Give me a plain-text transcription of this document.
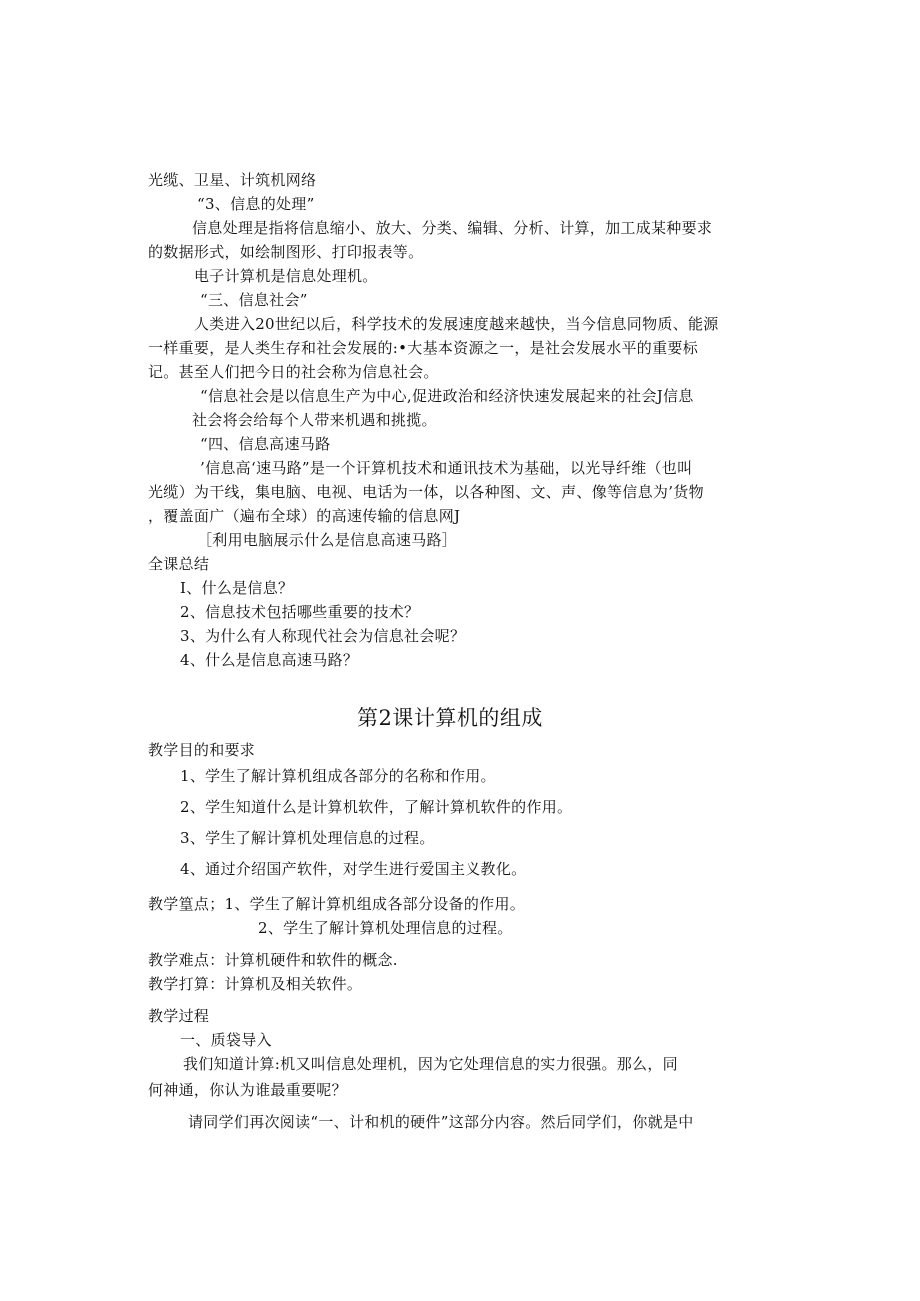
光缆、卫星、计筑机网络
“3、信息的处理”
信息处理是指将信息缩小、放大、分类、编辑、分析、计算，加工成某种要求
的数据形式，如绘制图形、打印报表等。
电子计算机是信息处理机。
“三、信息社会”
人类进入20世纪以后，科学技术的发展速度越来越快，当今信息同物质、能源
一样重要，是人类生存和社会发展的:•大基本资源之一，是社会发展水平的重要标
记。甚至人们把今日的社会称为信息社会。
“信息社会是以信息生产为中心,促进政治和经济快速发展起来的社会J信息
社会将会给每个人带来机遇和挑揽。
“四、信息高速马路
’信息高‘速马路”是一个讦算机技术和通讯技术为基础，以光导纤维（也叫
光缆）为干线，集电脑、电视、电话为一体，以各种图、文、声、像等信息为’货物
，覆盖面广（遍布全球）的高速传输的信息网J
［利用电脑展示什么是信息高速马路］
全课总结
I、什么是信息？
2、信息技术包括哪些重要的技术？
3、为什么有人称现代社会为信息社会呢？
4、什么是信息高速马路？
第2课计算机的组成
教学目的和要求
1、学生了解计算机组成各部分的名称和作用。
2、学生知道什么是计算机软件，了解计算机软件的作用。
3、学生了解计算机处理信息的过程。
4、通过介绍国产软件，对学生进行爱国主义教化。
教学篁点；1、学生了解计算机组成各部分设备的作用。
2、学生了解计算机处理信息的过程。
教学难点：计算机硬件和软件的概念.
教学打算：计算机及相关软件。
教学过程
一、质袋导入
我们知道计算:机又叫信息处理机，因为它处理信息的实力很强。那么，同
何神通，你认为谁最重要呢？
请同学们再次阅读“一、计和机的硬件”这部分内容。然后同学们，你就是中
